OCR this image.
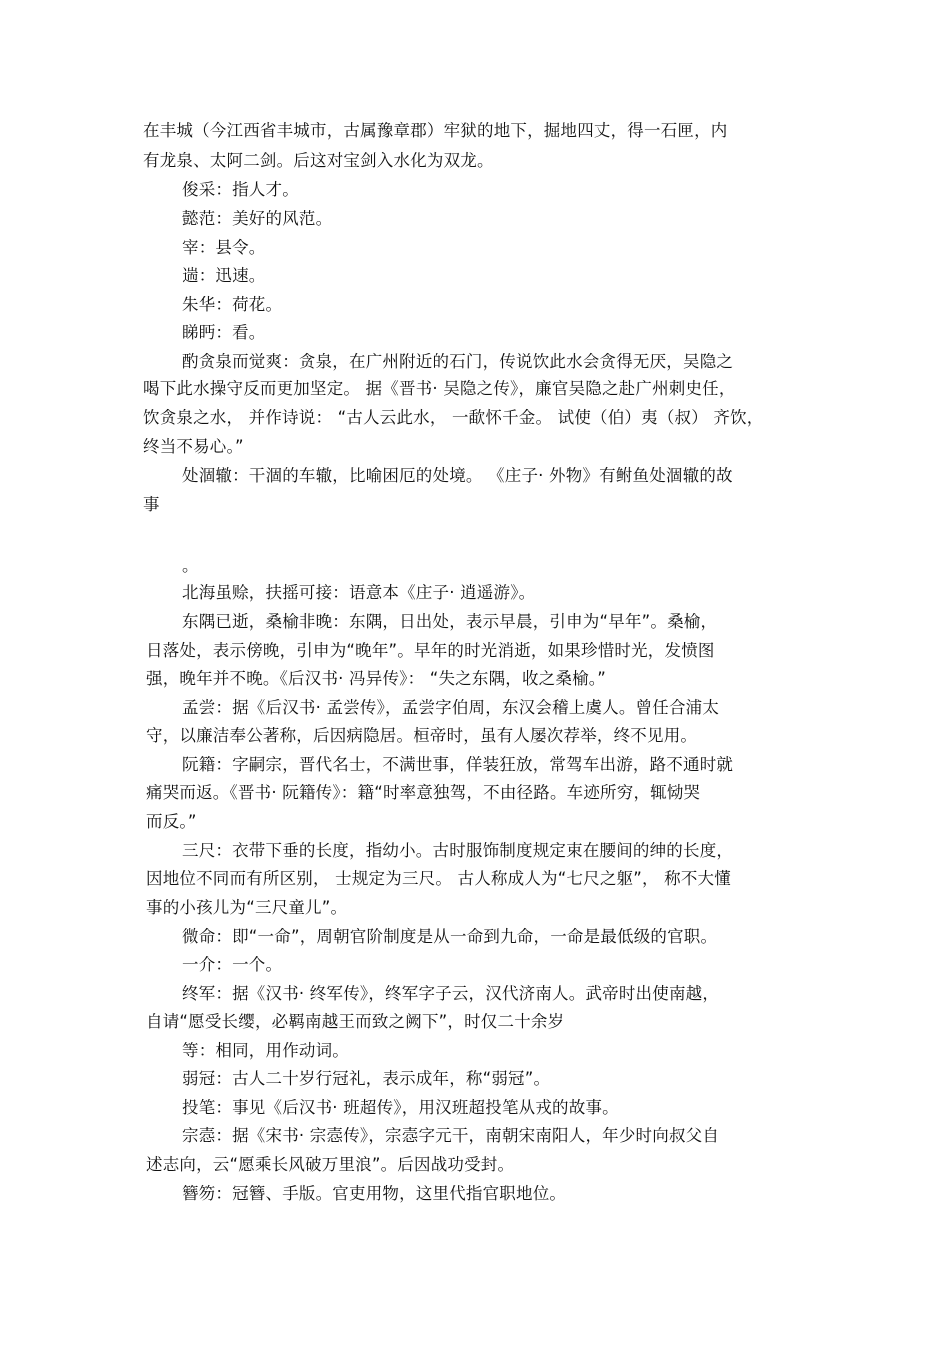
在丰城（今江西省丰城市，古属豫章郡）牢狱的地下，掘地四丈，得一石匣，内
有龙泉、太阿二剑。后这对宝剑入水化为双龙。
俊采：指人才。
懿范：美好的风范。
宰：县令。
遄：迅速。
朱华：荷花。
睇眄：看。
酌贪泉而觉爽：贪泉，在广州附近的石门，传说饮此水会贪得无厌，吴隐之
喝下此水操守反而更加坚定。 据《晋书· 吴隐之传》，廉官吴隐之赴广州刺史任，
饮贪泉之水， 并作诗说： “古人云此水， 一歃怀千金。 试使（伯）夷（叔） 齐饮，
终当不易心。”
处涸辙：干涸的车辙，比喻困厄的处境。 《庄子· 外物》有鲋鱼处涸辙的故
事
。
北海虽赊，扶摇可接：语意本《庄子· 逍遥游》。
东隅已逝，桑榆非晚：东隅，日出处，表示早晨，引申为“早年”。桑榆，
日落处，表示傍晚，引申为“晚年”。早年的时光消逝，如果珍惜时光，发愤图
强，晚年并不晚。《后汉书· 冯异传》： “失之东隅，收之桑榆。”
孟尝：据《后汉书· 孟尝传》，孟尝字伯周，东汉会稽上虞人。曾任合浦太
守，以廉洁奉公著称，后因病隐居。桓帝时，虽有人屡次荐举，终不见用。
阮籍：字嗣宗，晋代名士，不满世事，佯装狂放，常驾车出游，路不通时就
痛哭而返。《晋书· 阮籍传》：籍“时率意独驾，不由径路。车迹所穷，辄恸哭
而反。”
三尺：衣带下垂的长度，指幼小。古时服饰制度规定束在腰间的绅的长度，
因地位不同而有所区别， 士规定为三尺。 古人称成人为“七尺之躯”， 称不大懂
事的小孩儿为“三尺童儿”。
微命：即“一命”，周朝官阶制度是从一命到九命，一命是最低级的官职。
一介：一个。
终军：据《汉书· 终军传》，终军字子云，汉代济南人。武帝时出使南越，
自请“愿受长缨，必羁南越王而致之阙下”，时仅二十余岁
等：相同，用作动词。
弱冠：古人二十岁行冠礼，表示成年，称“弱冠”。
投笔：事见《后汉书· 班超传》，用汉班超投笔从戎的故事。
宗悫：据《宋书· 宗悫传》，宗悫字元干，南朝宋南阳人，年少时向叔父自
述志向，云“愿乘长风破万里浪”。后因战功受封。
簪笏：冠簪、手版。官吏用物，这里代指官职地位。
